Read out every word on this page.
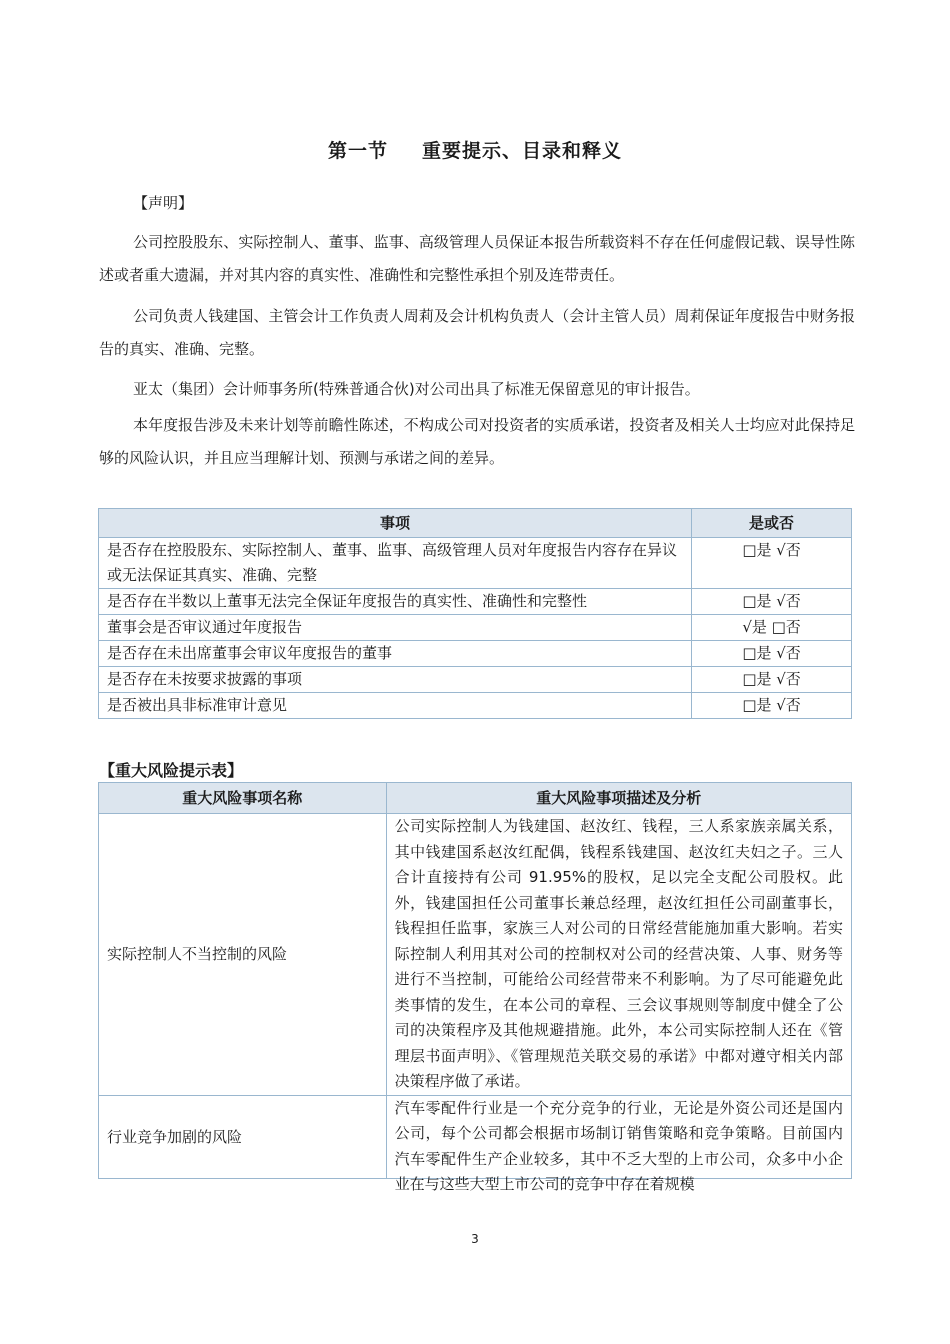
第一节 重要提示、目录和释义
【声明】
公司控股股东、实际控制人、董事、监事、高级管理人员保证本报告所载资料不存在任何虚假记载、误导性陈述或者重大遗漏，并对其内容的真实性、准确性和完整性承担个别及连带责任。
公司负责人钱建国、主管会计工作负责人周莉及会计机构负责人（会计主管人员）周莉保证年度报告中财务报告的真实、准确、完整。
亚太（集团）会计师事务所(特殊普通合伙)对公司出具了标准无保留意见的审计报告。
本年度报告涉及未来计划等前瞻性陈述，不构成公司对投资者的实质承诺，投资者及相关人士均应对此保持足够的风险认识，并且应当理解计划、预测与承诺之间的差异。
事项	是或否
是否存在控股股东、实际控制人、董事、监事、高级管理人员对年度报告内容存在异议或无法保证其真实、准确、完整	□是 √否
是否存在半数以上董事无法完全保证年度报告的真实性、准确性和完整性	□是 √否
董事会是否审议通过年度报告	√是 □否
是否存在未出席董事会审议年度报告的董事	□是 √否
是否存在未按要求披露的事项	□是 √否
是否被出具非标准审计意见	□是 √否
【重大风险提示表】
重大风险事项名称	重大风险事项描述及分析
实际控制人不当控制的风险	公司实际控制人为钱建国、赵汝红、钱程，三人系家族亲属关系，其中钱建国系赵汝红配偶，钱程系钱建国、赵汝红夫妇之子。三人合计直接持有公司 91.95%的股权，足以完全支配公司股权。此外，钱建国担任公司董事长兼总经理，赵汝红担任公司副董事长，钱程担任监事，家族三人对公司的日常经营能施加重大影响。若实际控制人利用其对公司的控制权对公司的经营决策、人事、财务等进行不当控制，可能给公司经营带来不利影响。为了尽可能避免此类事情的发生，在本公司的章程、三会议事规则等制度中健全了公司的决策程序及其他规避措施。此外，本公司实际控制人还在《管理层书面声明》、《管理规范关联交易的承诺》中都对遵守相关内部决策程序做了承诺。
行业竞争加剧的风险	汽车零配件行业是一个充分竞争的行业，无论是外资公司还是国内公司，每个公司都会根据市场制订销售策略和竞争策略。目前国内汽车零配件生产企业较多，其中不乏大型的上市公司，众多中小企业在与这些大型上市公司的竞争中存在着规模
3
